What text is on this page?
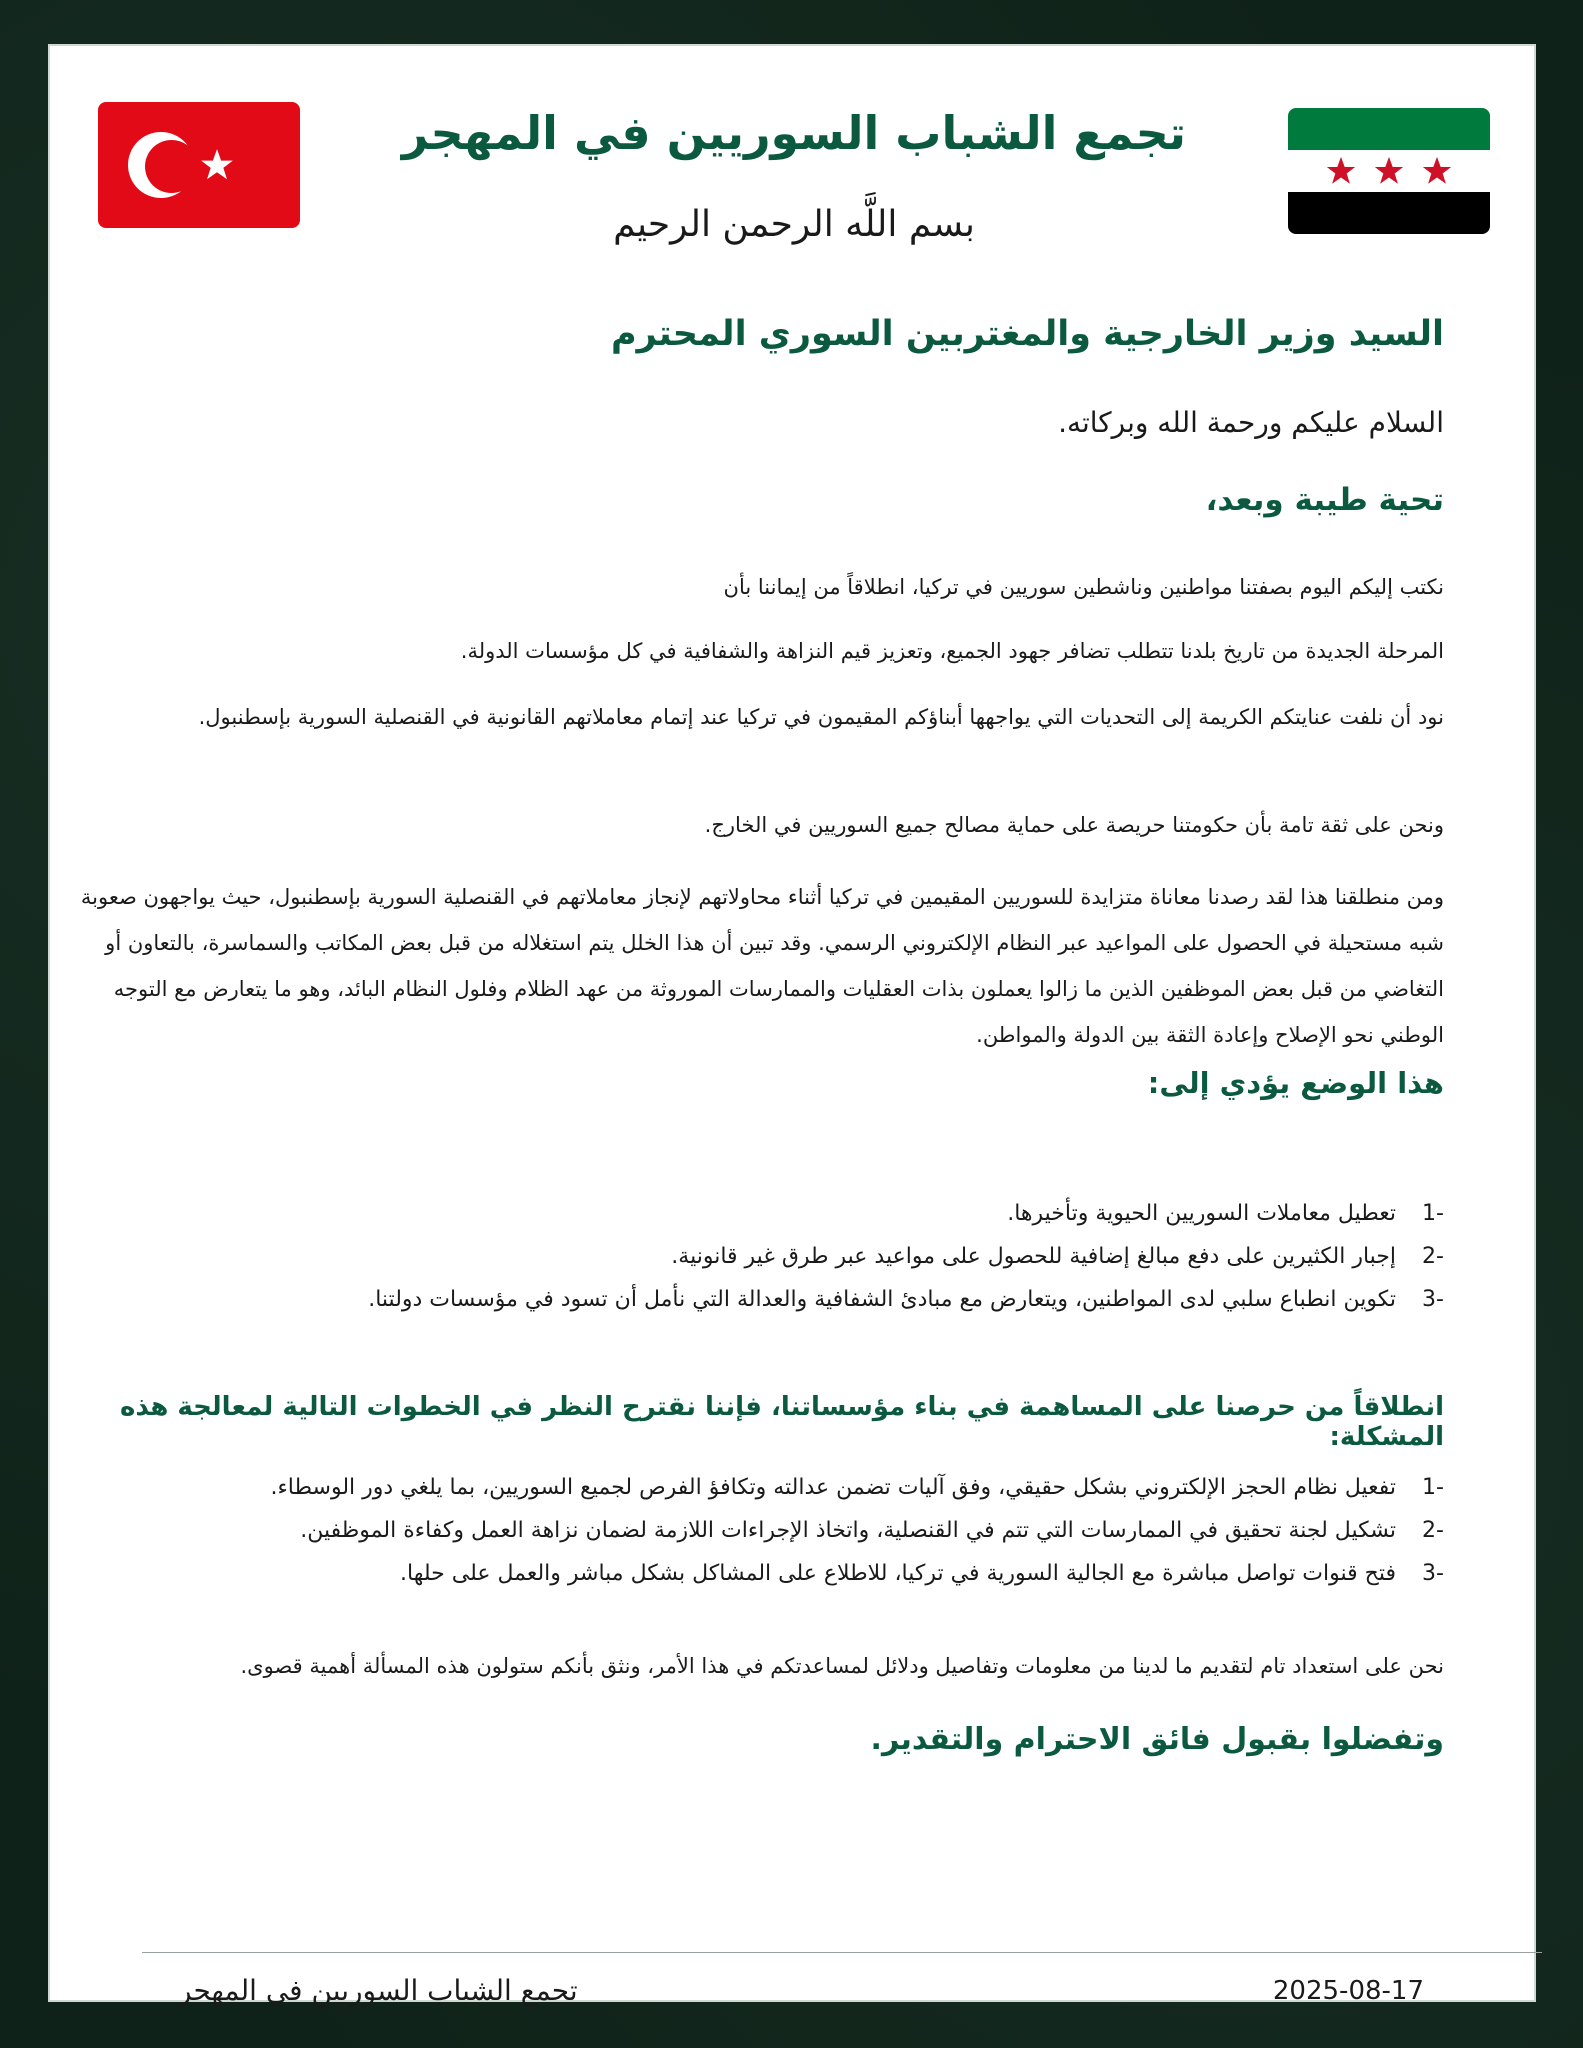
تجمع الشباب السوريين في المهجر
بسم اللَّه الرحمن الرحيم
السيد وزير الخارجية والمغتربين السوري المحترم
السلام عليكم ورحمة الله وبركاته.
تحية طيبة وبعد،
نكتب إليكم اليوم بصفتنا مواطنين وناشطين سوريين في تركيا، انطلاقاً من إيماننا بأن
المرحلة الجديدة من تاريخ بلدنا تتطلب تضافر جهود الجميع، وتعزيز قيم النزاهة والشفافية في كل مؤسسات الدولة.
نود أن نلفت عنايتكم الكريمة إلى التحديات التي يواجهها أبناؤكم المقيمون في تركيا عند إتمام معاملاتهم القانونية في القنصلية السورية بإسطنبول.
ونحن على ثقة تامة بأن حكومتنا حريصة على حماية مصالح جميع السوريين في الخارج.
ومن منطلقنا هذا لقد رصدنا معاناة متزايدة للسوريين المقيمين في تركيا أثناء محاولاتهم لإنجاز معاملاتهم في القنصلية السورية بإسطنبول، حيث يواجهون صعوبة شبه مستحيلة في الحصول على المواعيد عبر النظام الإلكتروني الرسمي. وقد تبين أن هذا الخلل يتم استغلاله من قبل بعض المكاتب والسماسرة، بالتعاون أو التغاضي من قبل بعض الموظفين الذين ما زالوا يعملون بذات العقليات والممارسات الموروثة من عهد الظلام وفلول النظام البائد، وهو ما يتعارض مع التوجه الوطني نحو الإصلاح وإعادة الثقة بين الدولة والمواطن.
هذا الوضع يؤدي إلى:
-1
تعطيل معاملات السوريين الحيوية وتأخيرها.
-2
إجبار الكثيرين على دفع مبالغ إضافية للحصول على مواعيد عبر طرق غير قانونية.
-3
تكوين انطباع سلبي لدى المواطنين، ويتعارض مع مبادئ الشفافية والعدالة التي نأمل أن تسود في مؤسسات دولتنا.
انطلاقاً من حرصنا على المساهمة في بناء مؤسساتنا، فإننا نقترح النظر في الخطوات التالية لمعالجة هذه المشكلة:
-1
تفعيل نظام الحجز الإلكتروني بشكل حقيقي، وفق آليات تضمن عدالته وتكافؤ الفرص لجميع السوريين، بما يلغي دور الوسطاء.
-2
تشكيل لجنة تحقيق في الممارسات التي تتم في القنصلية، واتخاذ الإجراءات اللازمة لضمان نزاهة العمل وكفاءة الموظفين.
-3
فتح قنوات تواصل مباشرة مع الجالية السورية في تركيا، للاطلاع على المشاكل بشكل مباشر والعمل على حلها.
نحن على استعداد تام لتقديم ما لدينا من معلومات وتفاصيل ودلائل لمساعدتكم في هذا الأمر، ونثق بأنكم ستولون هذه المسألة أهمية قصوى.
وتفضلوا بقبول فائق الاحترام والتقدير.
تجمع الشباب السوريين في المهجر	2025-08-17
